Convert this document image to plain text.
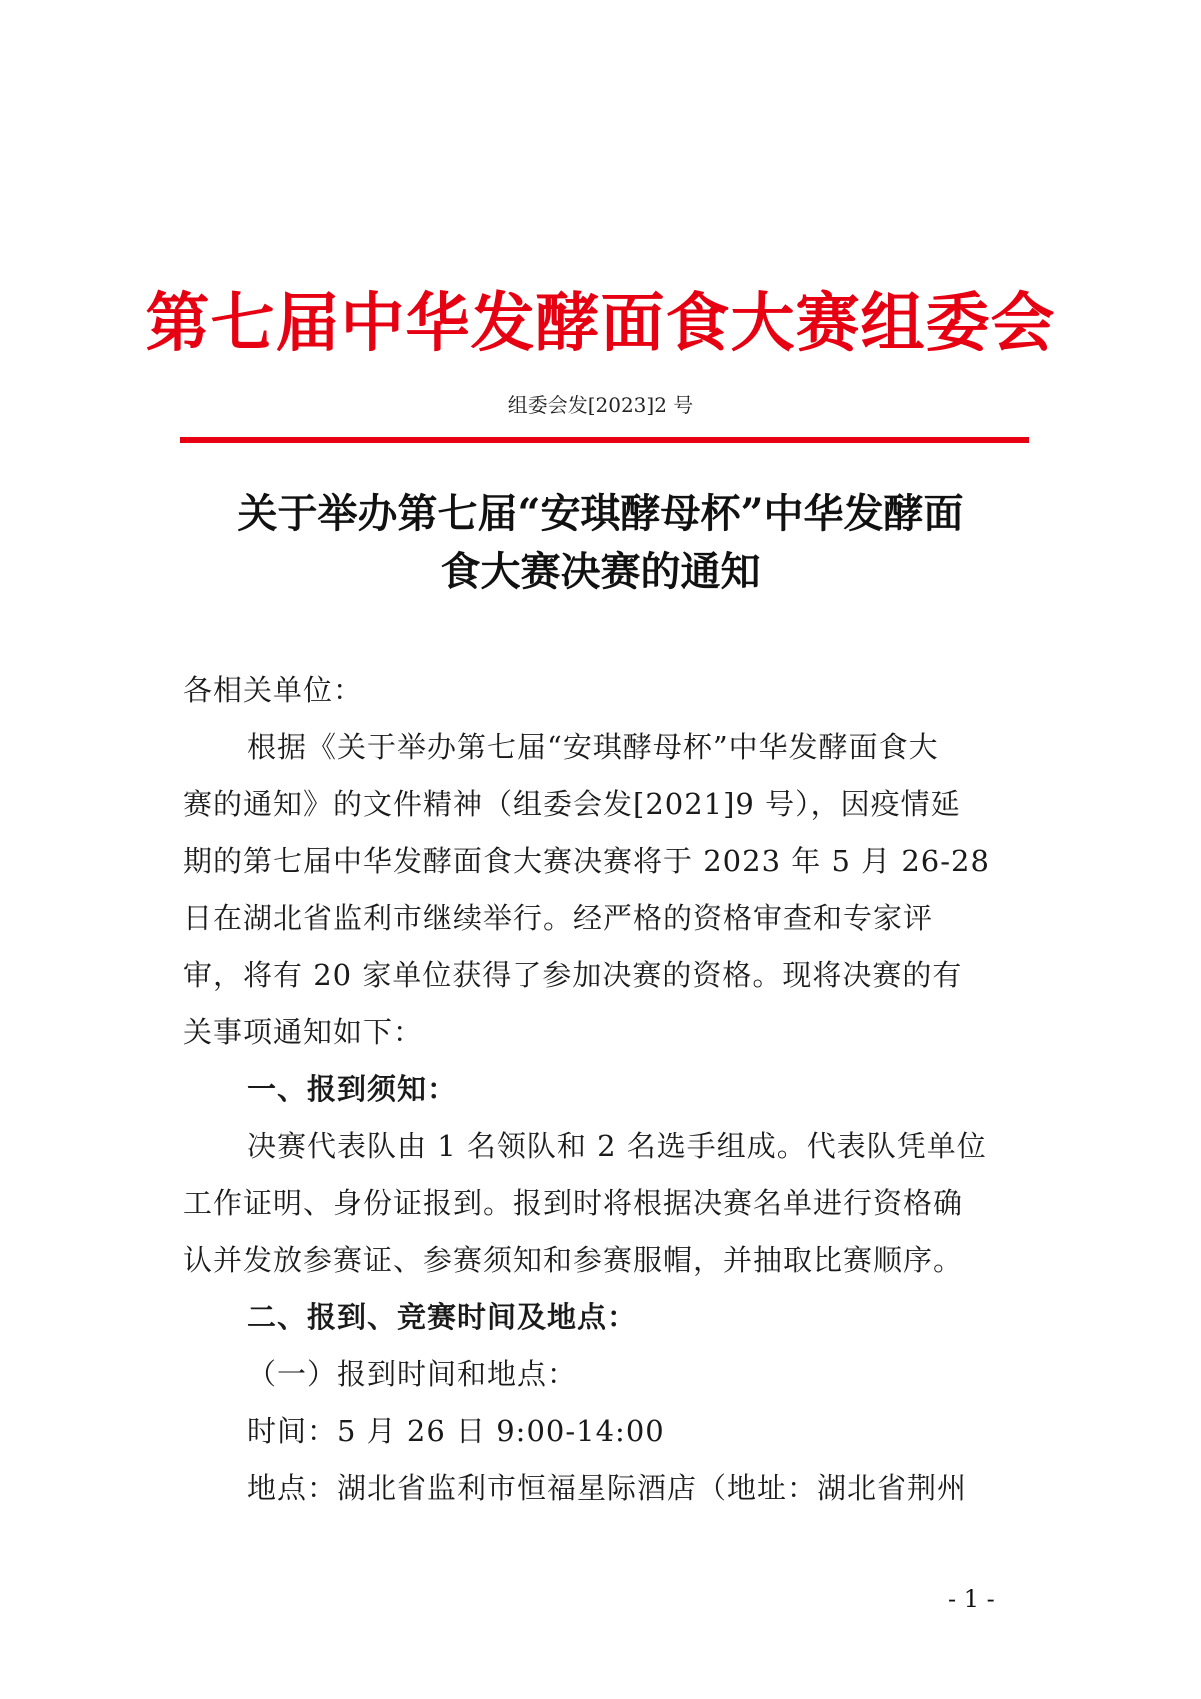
第七届中华发酵面食大赛组委会
组委会发[2023]2 号
关于举办第七届“安琪酵母杯”中华发酵面
食大赛决赛的通知
各相关单位：
根据《关于举办第七届“安琪酵母杯”中华发酵面食大
赛的通知》的文件精神（组委会发[2021]9 号），因疫情延
期的第七届中华发酵面食大赛决赛将于 2023 年 5 月 26-28
日在湖北省监利市继续举行。经严格的资格审查和专家评
审，将有 20 家单位获得了参加决赛的资格。现将决赛的有
关事项通知如下：
一、报到须知：
决赛代表队由 1 名领队和 2 名选手组成。代表队凭单位
工作证明、身份证报到。报到时将根据决赛名单进行资格确
认并发放参赛证、参赛须知和参赛服帽，并抽取比赛顺序。
二、报到、竞赛时间及地点：
（一）报到时间和地点：
时间：5 月 26 日 9:00-14:00
地点：湖北省监利市恒福星际酒店（地址：湖北省荆州
- 1 -
